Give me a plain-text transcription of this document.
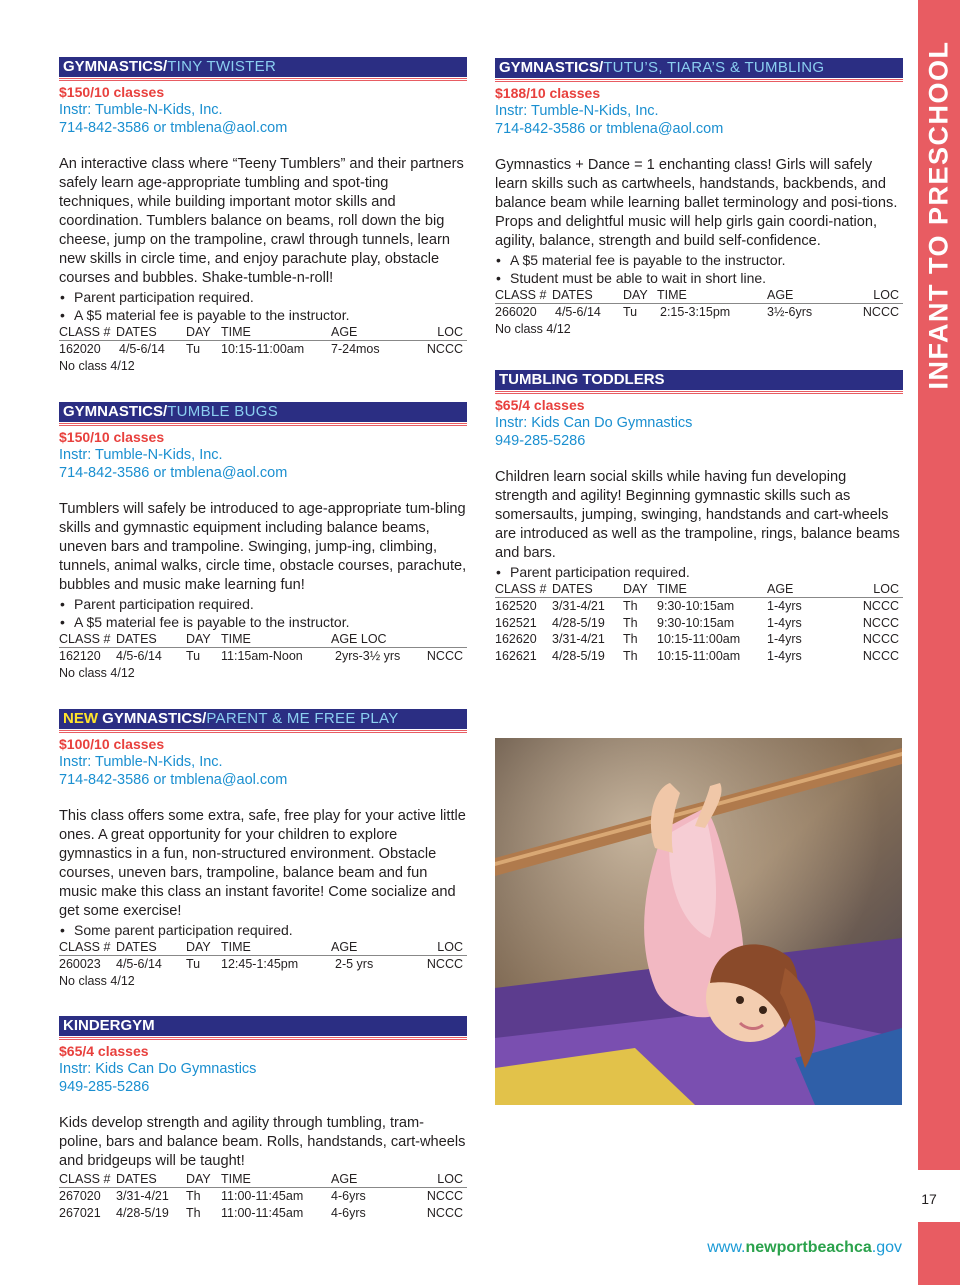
INFANT TO PRESCHOOL
17
www.newportbeachca.gov
GYMNASTICS/TINY TWISTER
$150/10 classes
Instr: Tumble-N-Kids, Inc.
714-842-3586 or tmblena@aol.com
An interactive class where “Teeny Tumblers” and their partners safely learn age-appropriate tumbling and spot-ting techniques, while building important motor skills and coordination. Tumblers balance on beams, roll down the big cheese, jump on the trampoline, crawl through tunnels, learn new skills in circle time, and enjoy parachute play, obstacle courses and bubbles. Shake-tumble-n-roll!
• Parent participation required.
• A $5 material fee is payable to the instructor.
CLASS # DATES DAY TIME	AGE	LOC
162020 4/5-6/14 Tu 10:15-11:00am 7-24mos	NCCC
No class 4/12
GYMNASTICS/TUMBLE BUGS
$150/10 classes
Instr: Tumble-N-Kids, Inc.
714-842-3586 or tmblena@aol.com
Tumblers will safely be introduced to age-appropriate tum-bling skills and gymnastic equipment including balance beams, uneven bars and trampoline. Swinging, jump-ing, climbing, tunnels, animal walks, circle time, obstacle courses, parachute, bubbles and music make learning fun!
• Parent participation required.
• A $5 material fee is payable to the instructor.
CLASS # DATES DAY TIME	AGE LOC
162120 4/5-6/14 Tu 11:15am-Noon	2yrs-3½ yrs NCCC
No class 4/12
NEW GYMNASTICS/PARENT & ME FREE PLAY
$100/10 classes
Instr: Tumble-N-Kids, Inc.
714-842-3586 or tmblena@aol.com
This class offers some extra, safe, free play for your active little ones. A great opportunity for your children to explore gymnastics in a fun, non-structured environment. Obstacle courses, uneven bars, trampoline, balance beam and fun music make this class an instant favorite! Come socialize and get some exercise!
• Some parent participation required.
CLASS # DATES DAY TIME	AGE	LOC
260023 4/5-6/14 Tu 12:45-1:45pm	2-5 yrs	NCCC
No class 4/12
KINDERGYM
$65/4 classes
Instr: Kids Can Do Gymnastics
949-285-5286
Kids develop strength and agility through tumbling, tram-poline, bars and balance beam. Rolls, handstands, cart-wheels and bridgeups will be taught!
CLASS # DATES DAY TIME	AGE	LOC
267020 3/31-4/21 Th 11:00-11:45am 4-6yrs	NCCC
267021 4/28-5/19 Th 11:00-11:45am 4-6yrs	NCCC
GYMNASTICS/TUTU’S, TIARA’S & TUMBLING
$188/10 classes
Instr: Tumble-N-Kids, Inc.
714-842-3586 or tmblena@aol.com
Gymnastics + Dance = 1 enchanting class! Girls will safely learn skills such as cartwheels, handstands, backbends, and balance beam while learning ballet terminology and posi-tions. Props and delightful music will help girls gain coordi-nation, agility, balance, strength and build self-confidence.
• A $5 material fee is payable to the instructor.
• Student must be able to wait in short line.
CLASS # DATES DAY TIME	AGE	LOC
266020 4/5-6/14 Tu 2:15-3:15pm	3½-6yrs	NCCC
No class 4/12
TUMBLING TODDLERS
$65/4 classes
Instr: Kids Can Do Gymnastics
949-285-5286
Children learn social skills while having fun developing strength and agility! Beginning gymnastic skills such as somersaults, jumping, swinging, handstands and cart-wheels are introduced as well as the trampoline, rings, balance beams and bars.
• Parent participation required.
CLASS # DATES DAY TIME	AGE	LOC
162520 3/31-4/21 Th 9:30-10:15am	1-4yrs	NCCC
162521 4/28-5/19 Th 9:30-10:15am	1-4yrs	NCCC
162620 3/31-4/21 Th 10:15-11:00am 1-4yrs	NCCC
162621 4/28-5/19 Th 10:15-11:00am 1-4yrs	NCCC
